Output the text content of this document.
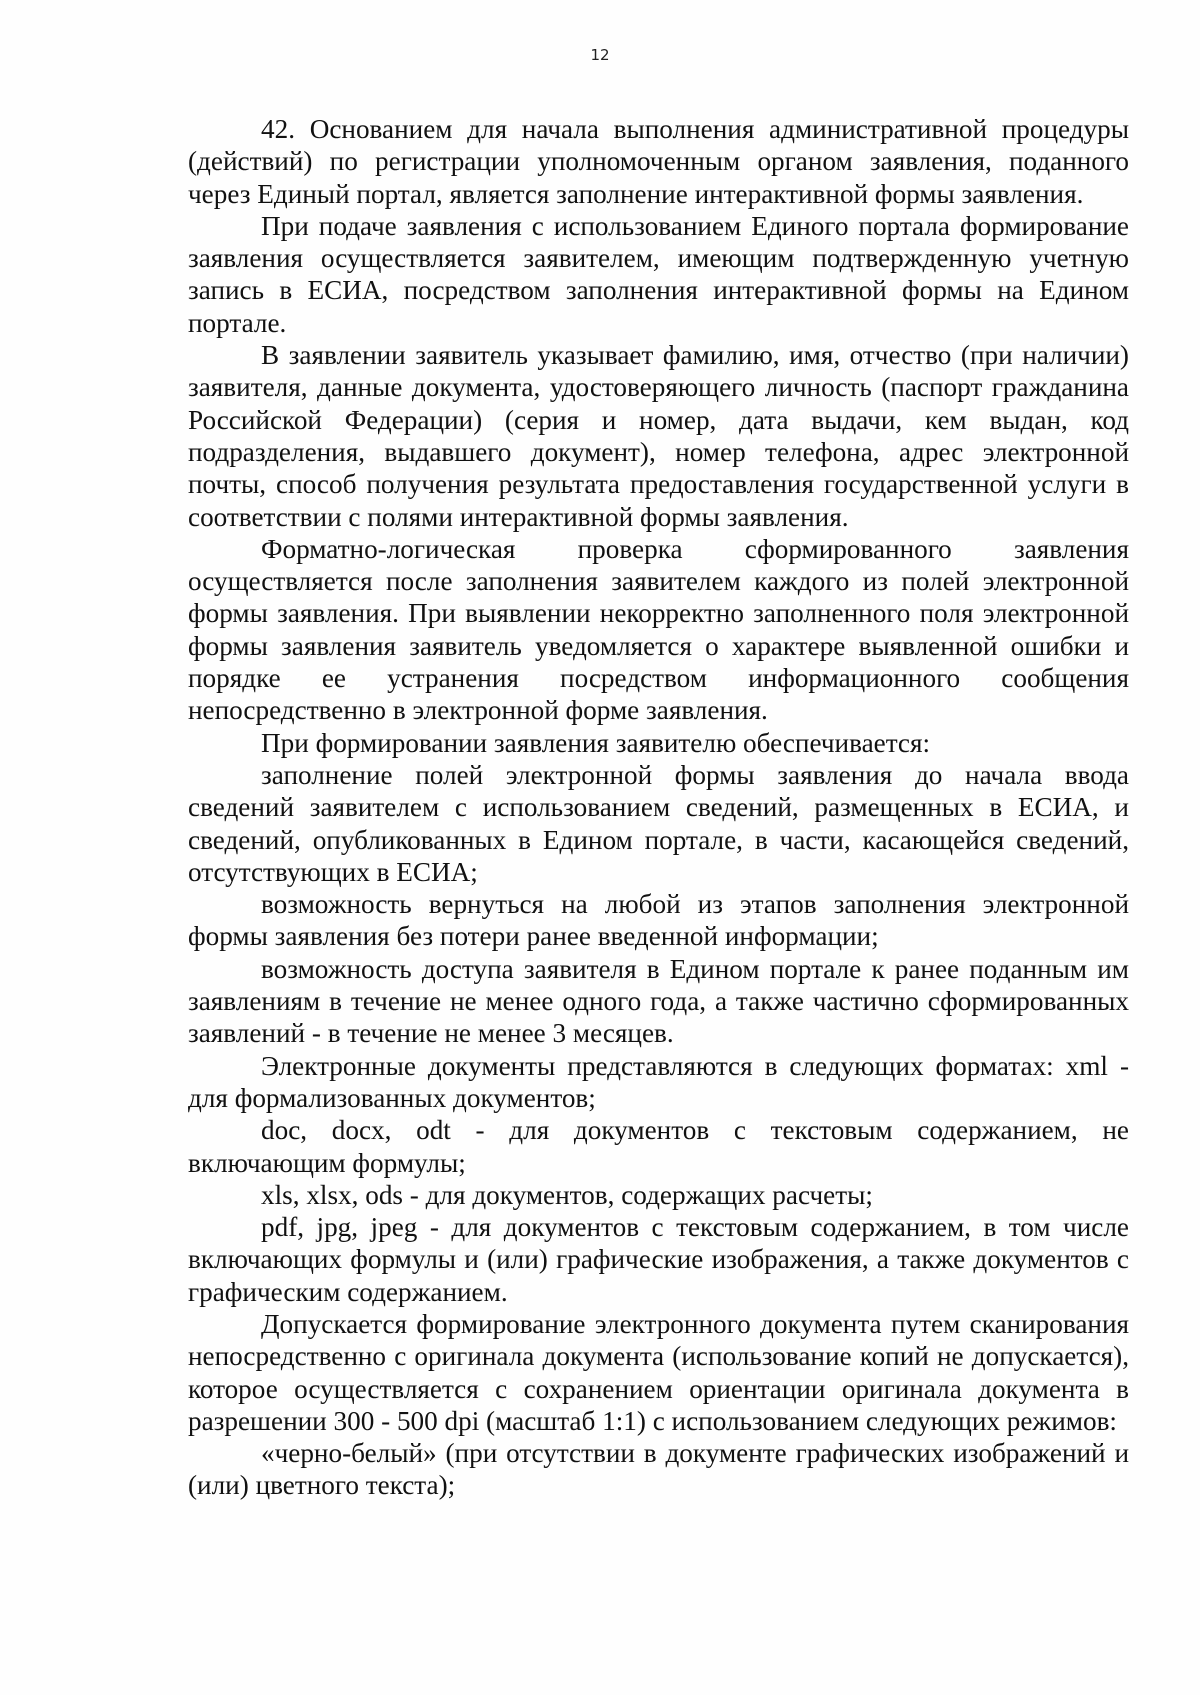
12

42. Основанием для начала выполнения административной процедуры (действий) по регистрации уполномоченным органом заявления, поданного через Единый портал, является заполнение интерактивной формы заявления.

При подаче заявления с использованием Единого портала формирование заявления осуществляется заявителем, имеющим подтвержденную учетную запись в ЕСИА, посредством заполнения интерактивной формы на Едином портале.

В заявлении заявитель указывает фамилию, имя, отчество (при наличии) заявителя, данные документа, удостоверяющего личность (паспорт гражданина Российской Федерации) (серия и номер, дата выдачи, кем выдан, код подразделения, выдавшего документ), номер телефона, адрес электронной почты, способ получения результата предоставления государственной услуги в соответствии с полями интерактивной формы заявления.

Форматно-логическая проверка сформированного заявления осуществляется после заполнения заявителем каждого из полей электронной формы заявления. При выявлении некорректно заполненного поля электронной формы заявления заявитель уведомляется о характере выявленной ошибки и порядке ее устранения посредством информационного сообщения непосредственно в электронной форме заявления.

При формировании заявления заявителю обеспечивается:

заполнение полей электронной формы заявления до начала ввода сведений заявителем с использованием сведений, размещенных в ЕСИА, и сведений, опубликованных в Едином портале, в части, касающейся сведений, отсутствующих в ЕСИА;

возможность вернуться на любой из этапов заполнения электронной формы заявления без потери ранее введенной информации;

возможность доступа заявителя в Едином портале к ранее поданным им заявлениям в течение не менее одного года, а также частично сформированных заявлений - в течение не менее 3 месяцев.

Электронные документы представляются в следующих форматах: xml - для формализованных документов;

doc, docx, odt - для документов с текстовым содержанием, не включающим формулы;

xls, xlsx, ods - для документов, содержащих расчеты;

pdf, jpg, jpeg - для документов с текстовым содержанием, в том числе включающих формулы и (или) графические изображения, а также документов с графическим содержанием.

Допускается формирование электронного документа путем сканирования непосредственно с оригинала документа (использование копий не допускается), которое осуществляется с сохранением ориентации оригинала документа в разрешении 300 - 500 dpi (масштаб 1:1) с использованием следующих режимов:

«черно-белый» (при отсутствии в документе графических изображений и (или) цветного текста);
